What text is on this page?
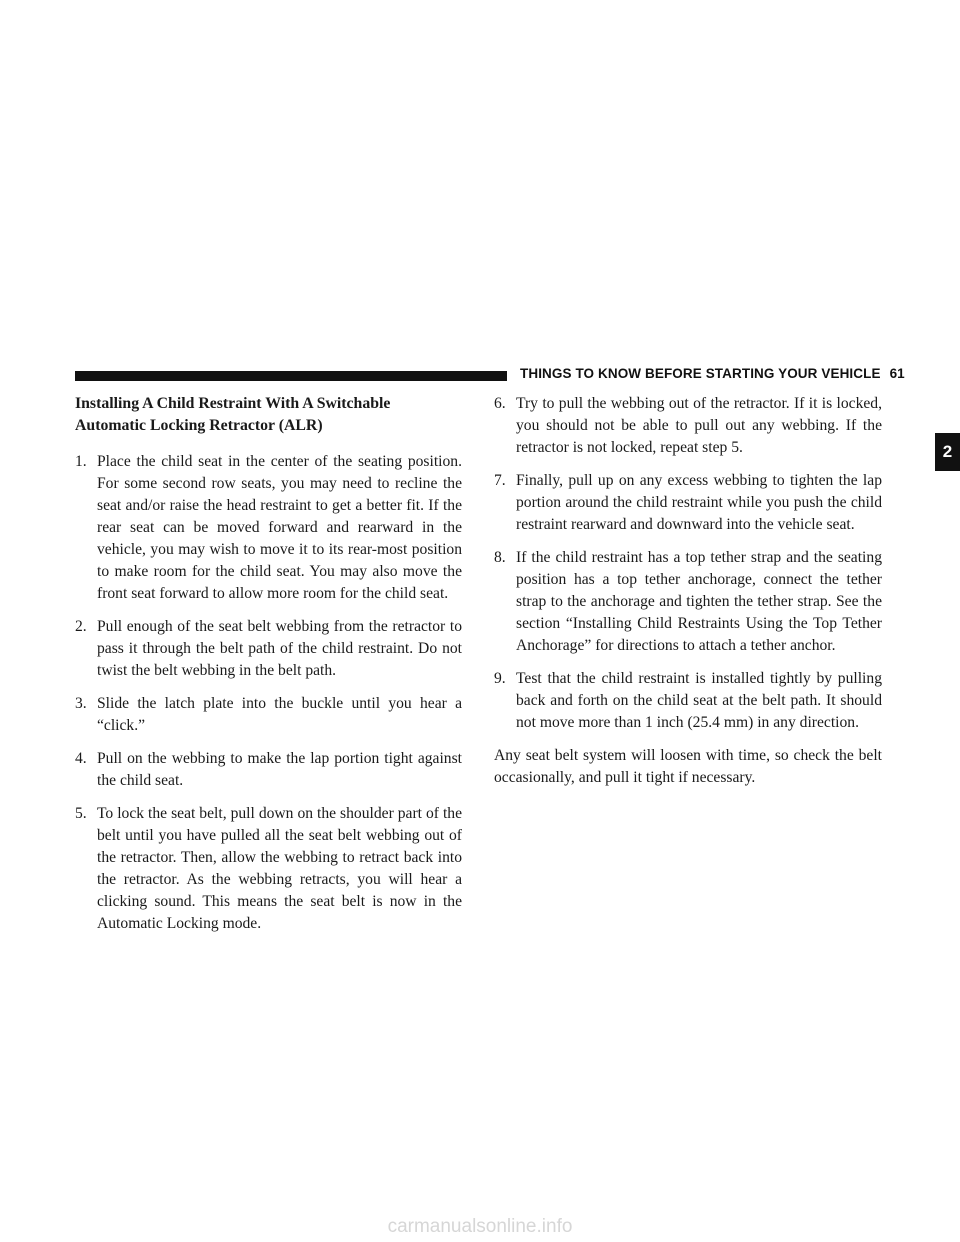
THINGS TO KNOW BEFORE STARTING YOUR VEHICLE 61
2
Installing A Child Restraint With A Switchable
Automatic Locking Retractor (ALR)
1. Place the child seat in the center of the seating position. For some second row seats, you may need to recline the seat and/or raise the head restraint to get a better fit. If the rear seat can be moved forward and rearward in the vehicle, you may wish to move it to its rear-most position to make room for the child seat. You may also move the front seat forward to allow more room for the child seat.
2. Pull enough of the seat belt webbing from the retractor to pass it through the belt path of the child restraint. Do not twist the belt webbing in the belt path.
3. Slide the latch plate into the buckle until you hear a “click.”
4. Pull on the webbing to make the lap portion tight against the child seat.
5. To lock the seat belt, pull down on the shoulder part of the belt until you have pulled all the seat belt webbing out of the retractor. Then, allow the webbing to retract back into the retractor. As the webbing retracts, you will hear a clicking sound. This means the seat belt is now in the Automatic Locking mode.
6. Try to pull the webbing out of the retractor. If it is locked, you should not be able to pull out any webbing. If the retractor is not locked, repeat step 5.
7. Finally, pull up on any excess webbing to tighten the lap portion around the child restraint while you push the child restraint rearward and downward into the vehicle seat.
8. If the child restraint has a top tether strap and the seating position has a top tether anchorage, connect the tether strap to the anchorage and tighten the tether strap. See the section “Installing Child Restraints Using the Top Tether Anchorage” for directions to attach a tether anchor.
9. Test that the child restraint is installed tightly by pulling back and forth on the child seat at the belt path. It should not move more than 1 inch (25.4 mm) in any direction.

Any seat belt system will loosen with time, so check the belt occasionally, and pull it tight if necessary.

carmanualsonline.info
